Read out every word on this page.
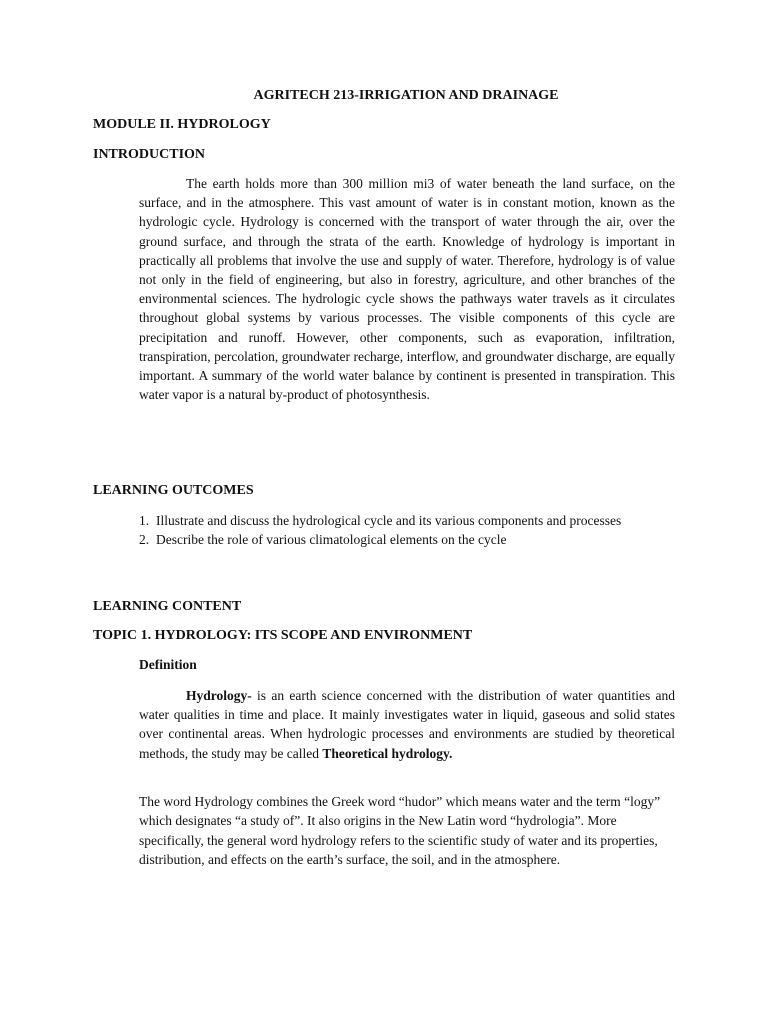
AGRITECH 213-IRRIGATION AND DRAINAGE
MODULE II. HYDROLOGY
INTRODUCTION
The earth holds more than 300 million mi3 of water beneath the land surface, on the surface, and in the atmosphere. This vast amount of water is in constant motion, known as the hydrologic cycle. Hydrology is concerned with the transport of water through the air, over the ground surface, and through the strata of the earth. Knowledge of hydrology is important in practically all problems that involve the use and supply of water. Therefore, hydrology is of value not only in the field of engineering, but also in forestry, agriculture, and other branches of the environmental sciences. The hydrologic cycle shows the pathways water travels as it circulates throughout global systems by various processes. The visible components of this cycle are precipitation and runoff. However, other components, such as evaporation, infiltration, transpiration, percolation, groundwater recharge, interflow, and groundwater discharge, are equally important. A summary of the world water balance by continent is presented in transpiration. This water vapor is a natural by-product of photosynthesis.
LEARNING OUTCOMES
1. Illustrate and discuss the hydrological cycle and its various components and processes
2. Describe the role of various climatological elements on the cycle
LEARNING CONTENT
TOPIC 1. HYDROLOGY: ITS SCOPE AND ENVIRONMENT
Definition
Hydrology- is an earth science concerned with the distribution of water quantities and water qualities in time and place. It mainly investigates water in liquid, gaseous and solid states over continental areas. When hydrologic processes and environments are studied by theoretical methods, the study may be called Theoretical hydrology.
The word Hydrology combines the Greek word “hudor” which means water and the term “logy” which designates “a study of”. It also origins in the New Latin word “hydrologia”. More specifically, the general word hydrology refers to the scientific study of water and its properties, distribution, and effects on the earth’s surface, the soil, and in the atmosphere.
